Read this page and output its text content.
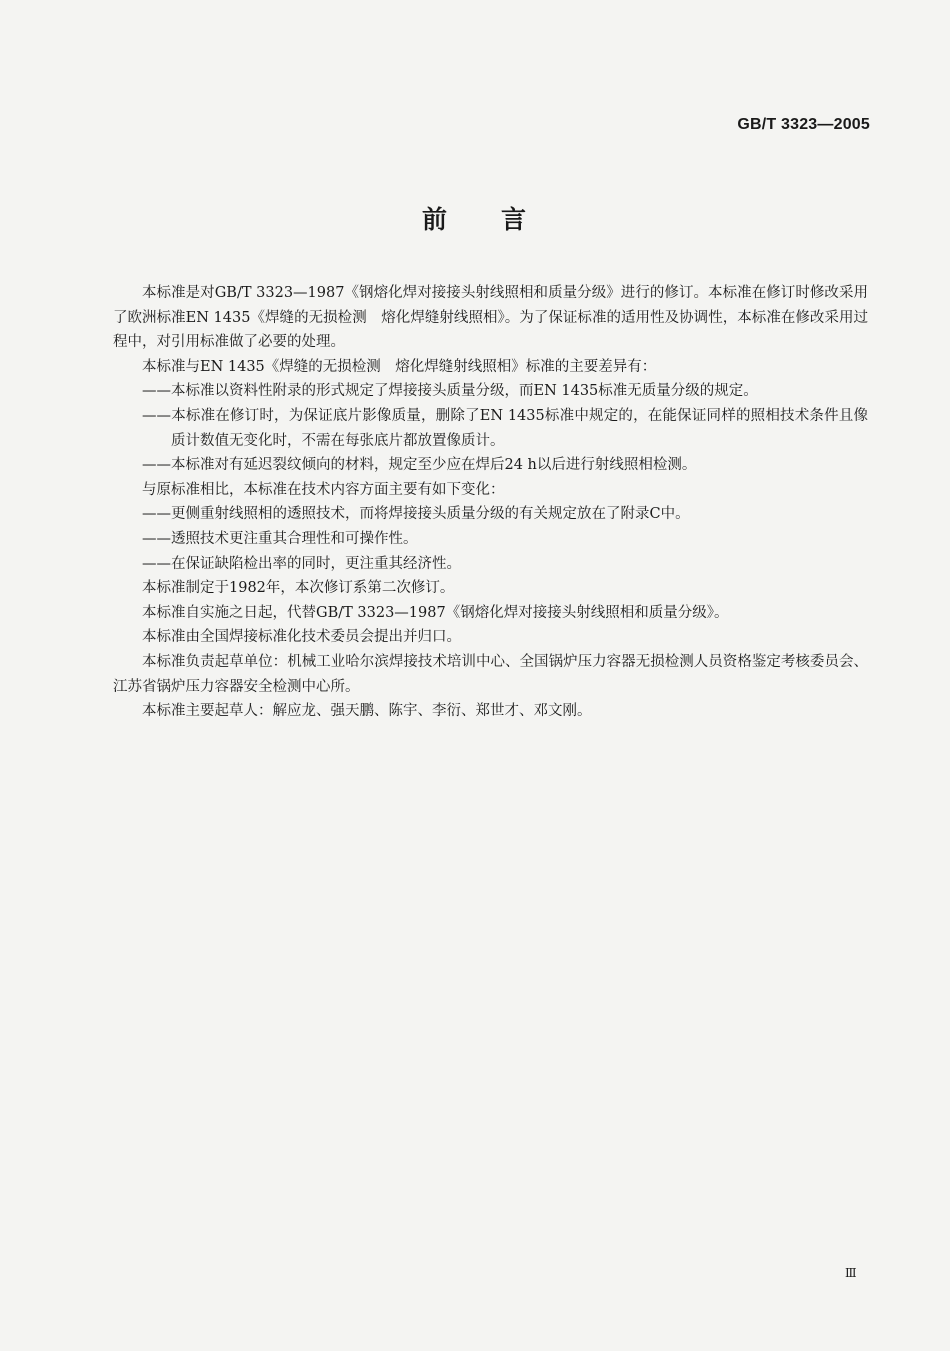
GB/T 3323—2005
前 言

本标准是对GB/T 3323—1987《钢熔化焊对接接头射线照相和质量分级》进行的修订。本标准在修订时修改采用了欧洲标准EN 1435《焊缝的无损检测　熔化焊缝射线照相》。为了保证标准的适用性及协调性，本标准在修改采用过程中，对引用标准做了必要的处理。

本标准与EN 1435《焊缝的无损检测　熔化焊缝射线照相》标准的主要差异有：

——本标准以资料性附录的形式规定了焊接接头质量分级，而EN 1435标准无质量分级的规定。

——本标准在修订时，为保证底片影像质量，删除了EN 1435标准中规定的，在能保证同样的照相技术条件且像质计数值无变化时，不需在每张底片都放置像质计。

——本标准对有延迟裂纹倾向的材料，规定至少应在焊后24 h以后进行射线照相检测。

与原标准相比，本标准在技术内容方面主要有如下变化：

——更侧重射线照相的透照技术，而将焊接接头质量分级的有关规定放在了附录C中。

——透照技术更注重其合理性和可操作性。

——在保证缺陷检出率的同时，更注重其经济性。

本标准制定于1982年，本次修订系第二次修订。

本标准自实施之日起，代替GB/T 3323—1987《钢熔化焊对接接头射线照相和质量分级》。

本标准由全国焊接标准化技术委员会提出并归口。

本标准负责起草单位：机械工业哈尔滨焊接技术培训中心、全国锅炉压力容器无损检测人员资格鉴定考核委员会、江苏省锅炉压力容器安全检测中心所。

本标准主要起草人：解应龙、强天鹏、陈宇、李衍、郑世才、邓文刚。

Ⅲ
